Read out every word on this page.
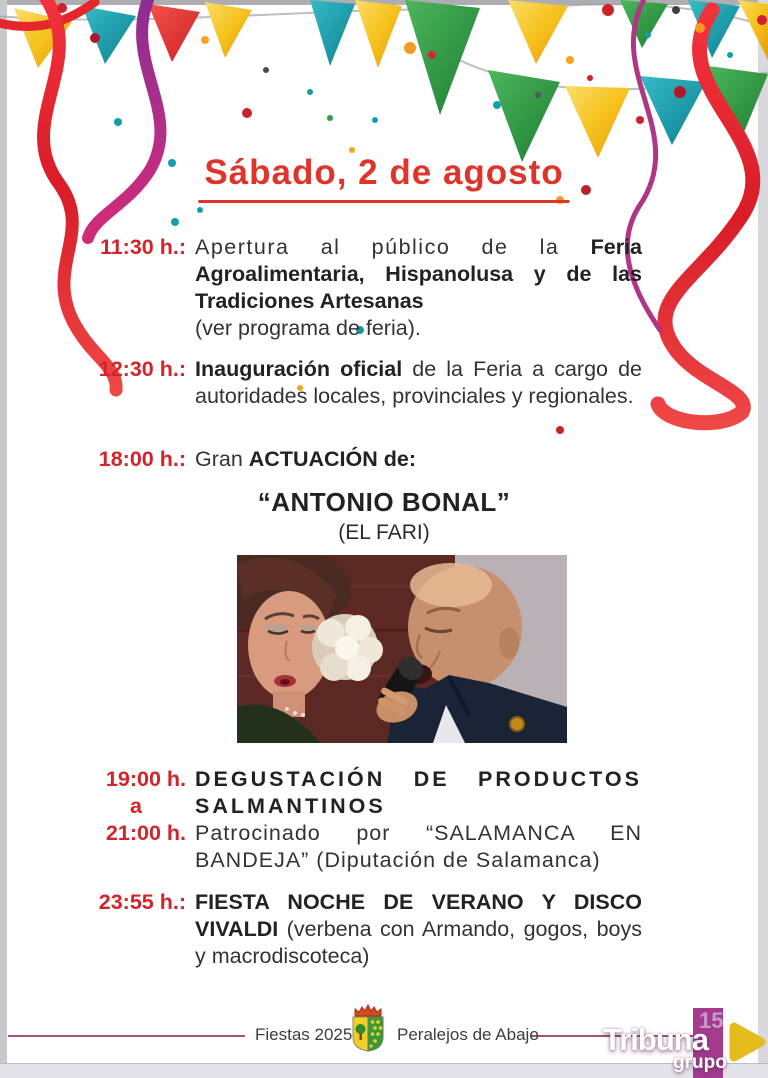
Sábado, 2 de agosto
11:30 h.: Apertura al público de la Feria Agroalimentaria, Hispanolusa y de las Tradiciones Artesanas
(ver programa de feria).
12:30 h.: Inauguración oficial de la Feria a cargo de autoridades locales, provinciales y regionales.
18:00 h.: Gran ACTUACIÓN de:
“ANTONIO BONAL”
(EL FARI)
19:00 h.
a
21:00 h.
DEGUSTACIÓN DE PRODUCTOS SALMANTINOS
Patrocinado por “SALAMANCA EN BANDEJA” (Diputación de Salamanca)
23:55 h.: FIESTA NOCHE DE VERANO Y DISCO VIVALDI (verbena con Armando, gogos, boys y macrodiscoteca)
Fiestas 2025	Peralejos de Abajo
15
Tribuna
grupo
